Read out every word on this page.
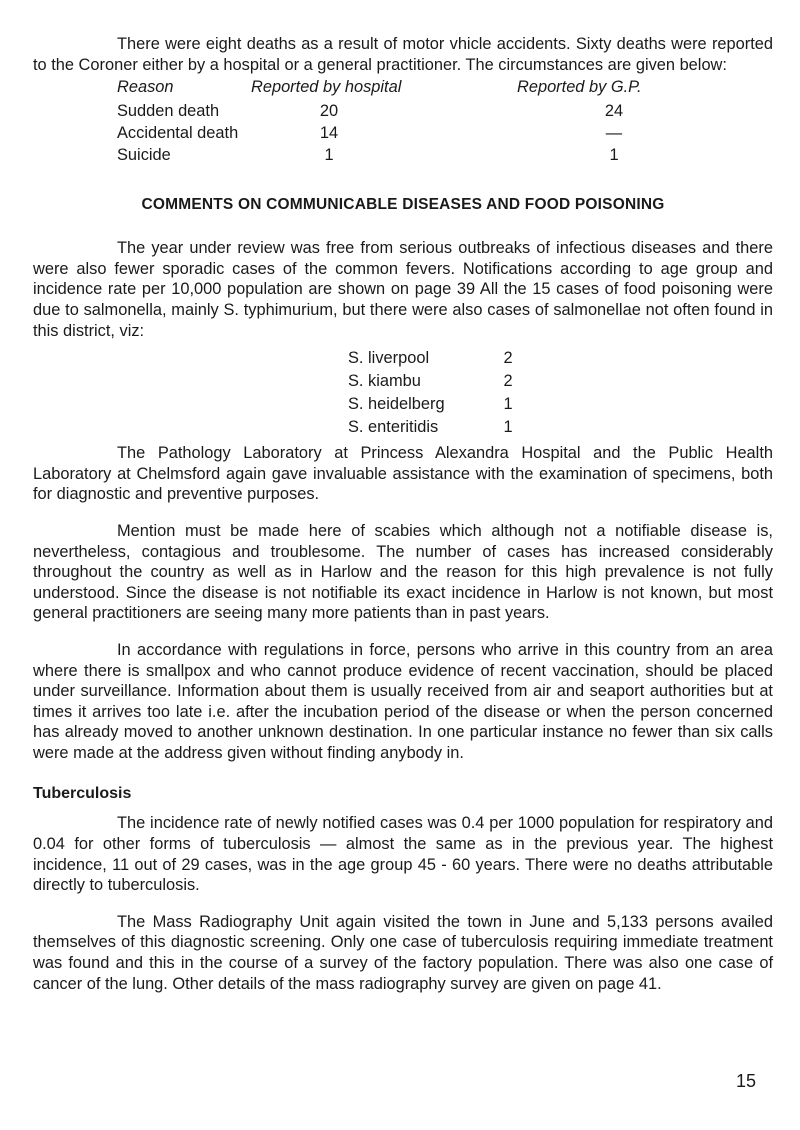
There were eight deaths as a result of motor vhicle accidents. Sixty deaths were reported to the Coroner either by a hospital or a general practitioner. The circumstances are given below:

Reason	Reported by hospital	Reported by G.P.
Sudden death	20	24
Accidental death	14	—
Suicide	1	1
COMMENTS ON COMMUNICABLE DISEASES AND FOOD POISONING

The year under review was free from serious outbreaks of infectious diseases and there were also fewer sporadic cases of the common fevers. Notifications according to age group and incidence rate per 10,000 population are shown on page 39 All the 15 cases of food poisoning were due to salmonella, mainly S. typhimurium, but there were also cases of salmonellae not often found in this district, viz:

S. liverpool	2
S. kiambu	2
S. heidelberg	1
S. enteritidis	1

The Pathology Laboratory at Princess Alexandra Hospital and the Public Health Laboratory at Chelmsford again gave invaluable assistance with the examination of specimens, both for diagnostic and preventive purposes.

Mention must be made here of scabies which although not a notifiable disease is, nevertheless, contagious and troublesome. The number of cases has increased considerably throughout the country as well as in Harlow and the reason for this high prevalence is not fully understood. Since the disease is not notifiable its exact incidence in Harlow is not known, but most general practitioners are seeing many more patients than in past years.

In accordance with regulations in force, persons who arrive in this country from an area where there is smallpox and who cannot produce evidence of recent vaccination, should be placed under surveillance. Information about them is usually received from air and seaport authorities but at times it arrives too late i.e. after the incubation period of the disease or when the person concerned has already moved to another unknown destination. In one particular instance no fewer than six calls were made at the address given without finding anybody in.

Tuberculosis

The incidence rate of newly notified cases was 0.4 per 1000 population for respiratory and 0.04 for other forms of tuberculosis — almost the same as in the previous year. The highest incidence, 11 out of 29 cases, was in the age group 45 - 60 years. There were no deaths attributable directly to tuberculosis.

The Mass Radiography Unit again visited the town in June and 5,133 persons availed themselves of this diagnostic screening. Only one case of tuberculosis requiring immediate treatment was found and this in the course of a survey of the factory population. There was also one case of cancer of the lung. Other details of the mass radiography survey are given on page 41.

15
